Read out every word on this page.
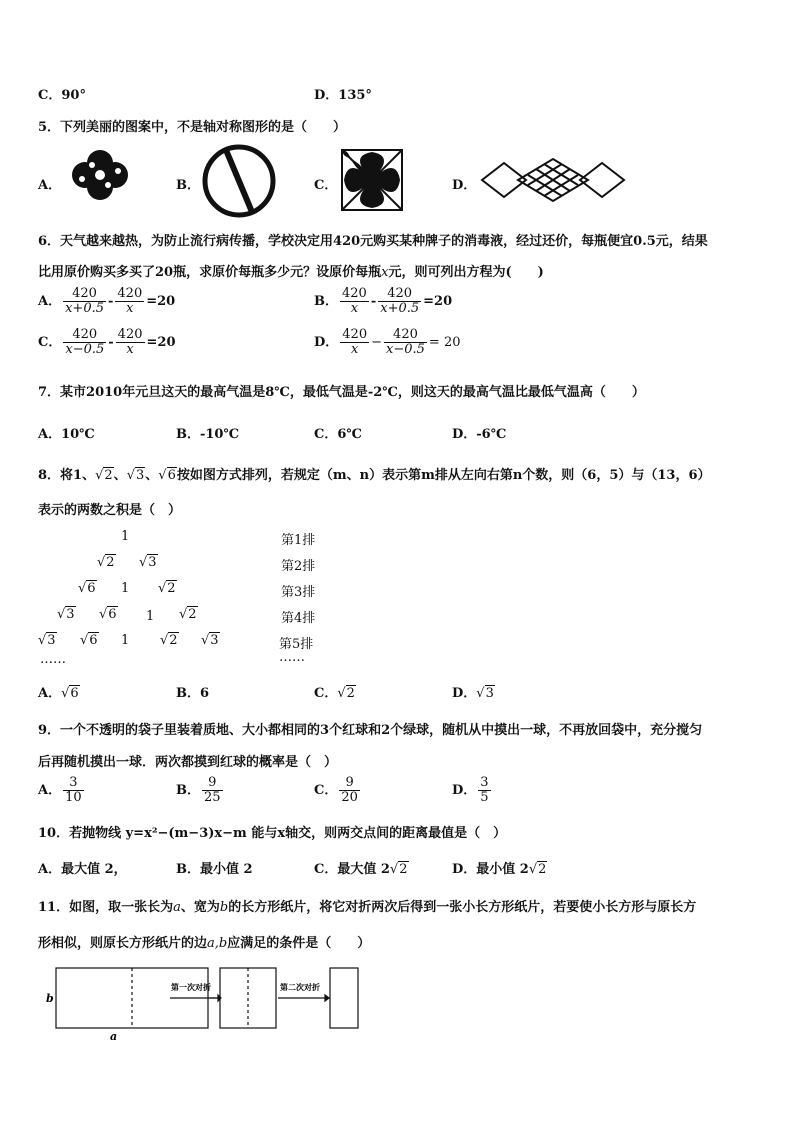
C．90°	D．135°
5．下列美丽的图案中，不是轴对称图形的是（　　）
A．	B．	C．	D．
6．天气越来越热，为防止流行病传播，学校决定用420元购买某种牌子的消毒液，经过还价，每瓶便宜0.5元，结果
比用原价购买多买了20瓶，求原价每瓶多少元？设原价每瓶x元，则可列出方程为(　　)
A． $\frac{420}{x+0.5} - \frac{420}{x} =20$	B． $\frac{420}{x} - \frac{420}{x+0.5} =20$
C． $\frac{420}{x-0.5} - \frac{420}{x} =20$	D． $\frac{420}{x} - \frac{420}{x-0.5} = 20$
7．某市2010年元旦这天的最高气温是8℃，最低气温是-2℃，则这天的最高气温比最低气温高（　　）
A．10℃	B．-10℃	C．6℃	D．-6℃
8．将1、√2、√3、√6按如图方式排列，若规定（m、n）表示第m排从左向右第n个数，则（6，5）与（13，6）
表示的两数之积是（　）
1
√2 √3
√6 1 √2
√3 √6 1 √2
√3 √6 1 √2 √3
……
第1排
第2排
第3排
第4排
第5排
……
A．√6	B．6	C．√2	D．√3
9．一个不透明的袋子里装着质地、大小都相同的3个红球和2个绿球，随机从中摸出一球，不再放回袋中，充分搅匀
后再随机摸出一球．两次都摸到红球的概率是（　）
A． $\frac{3}{10}$	B． $\frac{9}{25}$	C． $\frac{9}{20}$	D． $\frac{3}{5}$
10．若抛物线 y=x²−(m−3)x−m 能与x轴交，则两交点间的距离最值是（　）
A．最大值 2，	B．最小值 2	C．最大值 2√2	D．最小值 2√2
11．如图，取一张长为a、宽为b的长方形纸片，将它对折两次后得到一张小长方形纸片，若要使小长方形与原长方
形相似，则原长方形纸片的边a,b应满足的条件是（　　）
b
a
第一次对折	第二次对折
